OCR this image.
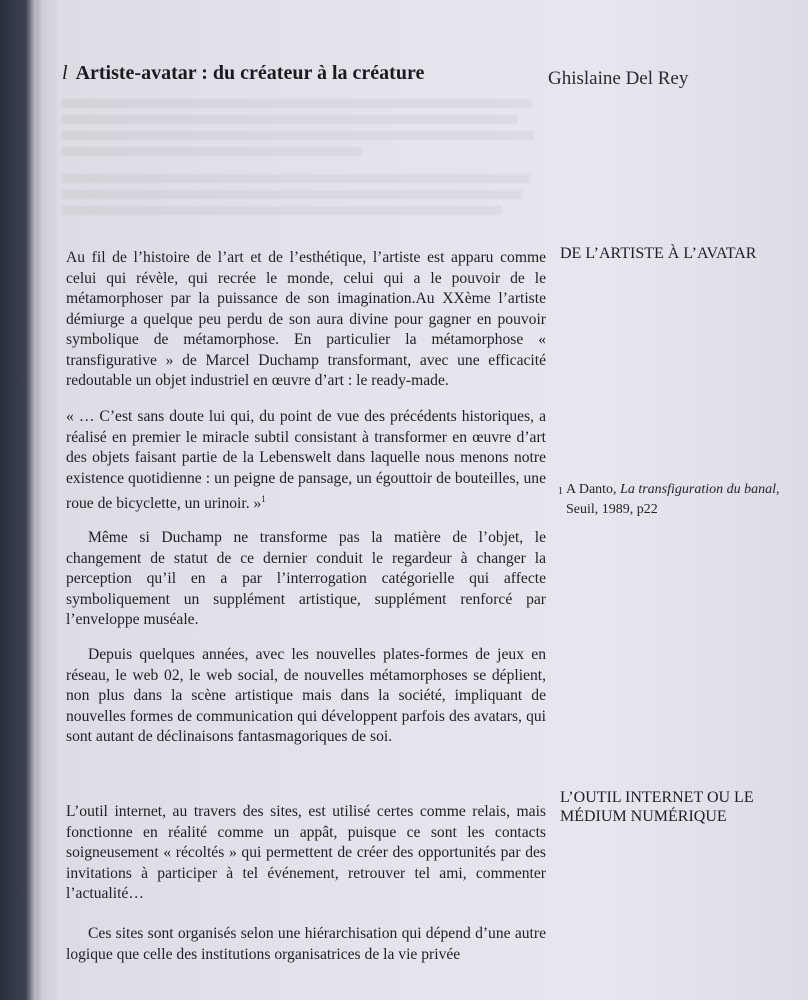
l Artiste-avatar : du créateur à la créature	Ghislaine Del Rey
DE L’ARTISTE À L’AVATAR

Au fil de l’histoire de l’art et de l’esthétique, l’artiste est apparu comme celui qui révèle, qui recrée le monde, celui qui a le pouvoir de le métamorphoser par la puissance de son imagination.Au XXème l’artiste démiurge a quelque peu perdu de son aura divine pour gagner en pouvoir symbolique de métamorphose. En particulier la métamorphose « transfigurative » de Marcel Duchamp transformant, avec une efficacité redoutable un objet industriel en œuvre d’art : le ready-made.

« … C’est sans doute lui qui, du point de vue des précédents historiques, a réalisé en premier le miracle subtil consistant à transformer en œuvre d’art des objets faisant partie de la Lebenswelt dans laquelle nous menons notre existence quotidienne : un peigne de pansage, un égouttoir de bouteilles, une roue de bicyclette, un urinoir. »$^1$

1 A Danto, La transfiguration du banal,
Seuil, 1989, p22

Même si Duchamp ne transforme pas la matière de l’objet, le changement de statut de ce dernier conduit le regardeur à changer la perception qu’il en a par l’interrogation catégorielle qui affecte symboliquement un supplément artistique, supplément renforcé par l’enveloppe muséale.

Depuis quelques années, avec les nouvelles plates-formes de jeux en réseau, le web 02, le web social, de nouvelles métamorphoses se déplient, non plus dans la scène artistique mais dans la société, impliquant de nouvelles formes de communication qui développent parfois des avatars, qui sont autant de déclinaisons fantasmagoriques de soi.

L’OUTIL INTERNET OU LE MÉDIUM NUMÉRIQUE

L’outil internet, au travers des sites, est utilisé certes comme relais, mais fonctionne en réalité comme un appât, puisque ce sont les contacts soigneusement « récoltés » qui permettent de créer des opportunités par des invitations à participer à tel événement, retrouver tel ami, commenter l’actualité…

Ces sites sont organisés selon une hiérarchisation qui dépend d’une autre logique que celle des institutions organisatrices de la vie privée
